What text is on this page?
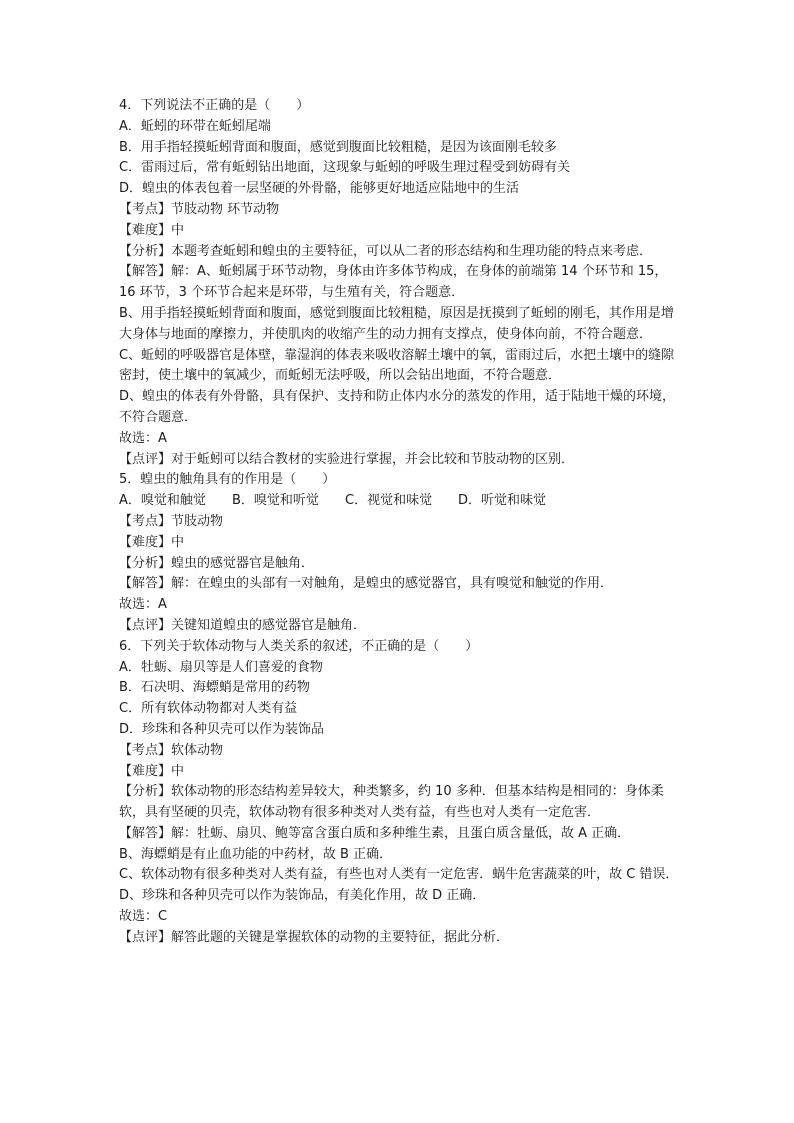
4．下列说法不正确的是（　　）

A．蚯蚓的环带在蚯蚓尾端

B．用手指轻摸蚯蚓背面和腹面，感觉到腹面比较粗糙，是因为该面刚毛较多

C．雷雨过后，常有蚯蚓钻出地面，这现象与蚯蚓的呼吸生理过程受到妨碍有关

D．蝗虫的体表包着一层坚硬的外骨骼，能够更好地适应陆地中的生活

【考点】节肢动物 环节动物

【难度】中

【分析】本题考查蚯蚓和蝗虫的主要特征，可以从二者的形态结构和生理功能的特点来考虑．

【解答】解：A、蚯蚓属于环节动物，身体由许多体节构成，在身体的前端第 14 个环节和 15，16 环节，3 个环节合起来是环带，与生殖有关，符合题意．

B、用手指轻摸蚯蚓背面和腹面，感觉到腹面比较粗糙，原因是抚摸到了蚯蚓的刚毛，其作用是增大身体与地面的摩擦力，并使肌肉的收缩产生的动力拥有支撑点，使身体向前，不符合题意．

C、蚯蚓的呼吸器官是体壁，靠湿润的体表来吸收溶解土壤中的氧，雷雨过后，水把土壤中的缝隙密封，使土壤中的氧减少，而蚯蚓无法呼吸，所以会钻出地面，不符合题意．

D、蝗虫的体表有外骨骼，具有保护、支持和防止体内水分的蒸发的作用，适于陆地干燥的环境，不符合题意．

故选：A

【点评】对于蚯蚓可以结合教材的实验进行掌握，并会比较和节肢动物的区别．

5．蝗虫的触角具有的作用是（　　）

A．嗅觉和触觉 B．嗅觉和听觉 C．视觉和味觉 D．听觉和味觉

【考点】节肢动物

【难度】中

【分析】蝗虫的感觉器官是触角．

【解答】解：在蝗虫的头部有一对触角，是蝗虫的感觉器官，具有嗅觉和触觉的作用．

故选：A

【点评】关键知道蝗虫的感觉器官是触角．

6．下列关于软体动物与人类关系的叙述，不正确的是（　　）

A．牡蛎、扇贝等是人们喜爱的食物

B．石决明、海螵蛸是常用的药物

C．所有软体动物都对人类有益

D．珍珠和各种贝壳可以作为装饰品

【考点】软体动物

【难度】中

【分析】软体动物的形态结构差异较大，种类繁多，约 10 多种．但基本结构是相同的：身体柔软，具有坚硬的贝壳，软体动物有很多种类对人类有益，有些也对人类有一定危害．

【解答】解：牡蛎、扇贝、鲍等富含蛋白质和多种维生素，且蛋白质含量低，故 A 正确．

B、海螵蛸是有止血功能的中药材，故 B 正确．

C、软体动物有很多种类对人类有益，有些也对人类有一定危害．蜗牛危害蔬菜的叶，故 C 错误．

D、珍珠和各种贝壳可以作为装饰品，有美化作用，故 D 正确．

故选：C

【点评】解答此题的关键是掌握软体的动物的主要特征，据此分析．
